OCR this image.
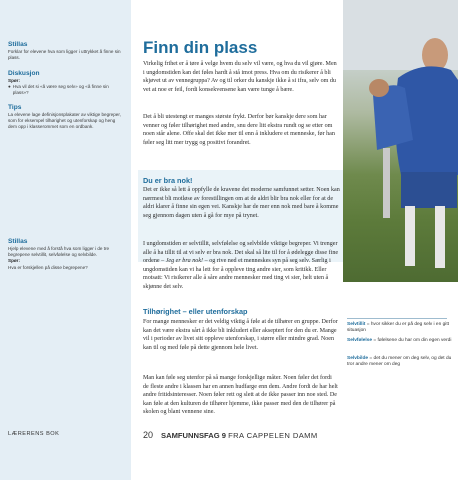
Stillas

Forklar for elevene hva som ligger i uttrykket å finne sin plass.

Diskusjon

Spør:

● Hva vil det si «å være seg selv» og «å finne sin plass»?

Tips

La elevene lage definisjonsplakater av viktige begreper, som for eksempel tilhørighet og utenforskap og heng dem opp i klasserommet som en ordbank.

Stillas

Hjelp elevene med å forstå hva som ligger i de tre begrepene selvtillit, selvfølelse og selvbilde.

Spør:

Hva er forskjellen på disse begrepene?

LÆRERENS BOK
Finn din plass

Virkelig frihet er å tøre å velge hvem du selv vil være, og hva du vil gjøre. Men i ungdomstiden kan det føles hardt å stå imot press. Hva om du risikerer å bli skjøvet ut av vennegruppa? Av og til orker du kanskje ikke å si ifra, selv om du vet at noe er feil, fordi konsekvensene kan være tunge å bære.

Det å bli utestengt er manges største frykt. Derfor bør kanskje dere som har venner og føler tilhørighet med andre, snu dere litt ekstra rundt og se etter om noen står alene. Offe skal det ikke mer til enn å inkludere et menneske, før han føler seg litt mer trygg og positivt forandret.

Du er bra nok!

Det er ikke så lett å oppfylle de kravene det moderne samfunnet setter. Noen kan nærmest bli motløse av forestillingen om at de aldri blir bra nok eller for at de aldri klarer å finne sin egen vei. Kanskje har de mer enn nok med bare å komme seg gjennom dagen uten å gå for mye på trynet.

I ungdomstiden er selvtillit, selvfølelse og selvbilde viktige begreper. Vi trenger alle å ha tillit til at vi selv er bra nok. Det skal så lite til for å ødelegge disse fine ordene – Jeg er bra nok! – og rive ned et menneskes syn på seg selv. Særlig i ungdomstiden kan vi ha lett for å oppleve ting andre sier, som kritikk. Eller motsatt: Vi risikerer alle å såre andre mennesker med ting vi sier, helt uten å skjønne det selv.

Tilhørighet – eller utenforskap

For mange mennesker er det veldig viktig å føle at de tilhører en gruppe. Derfor kan det være ekstra sårt å ikke bli inkludert eller akseptert for den du er. Mange vil i perioder av livet sitt oppleve utenforskap, i større eller mindre grad. Noen kan til og med føle på dette gjennom hele livet.

Man kan føle seg utenfor på så mange forskjellige måter. Noen føler det fordi de fleste andre i klassen har en annen hudfarge enn dem. Andre fordi de har helt andre fritidsinteresser. Noen føler rett og slett at de ikke passer inn noe sted. De kan føle at den kulturen de tilhører hjemme, ikke passer med den de tilhører på skolen og blant vennene sine.

Selvtillit = hvor sikker du er på deg selv i en gitt situasjon

Selvfølelse = følelsene du har om din egen verdi

Selvbilde = det du mener om deg selv, og det du tror andre mener om deg

20 SAMFUNNSFAG 9 FRA CAPPELEN DAMM
